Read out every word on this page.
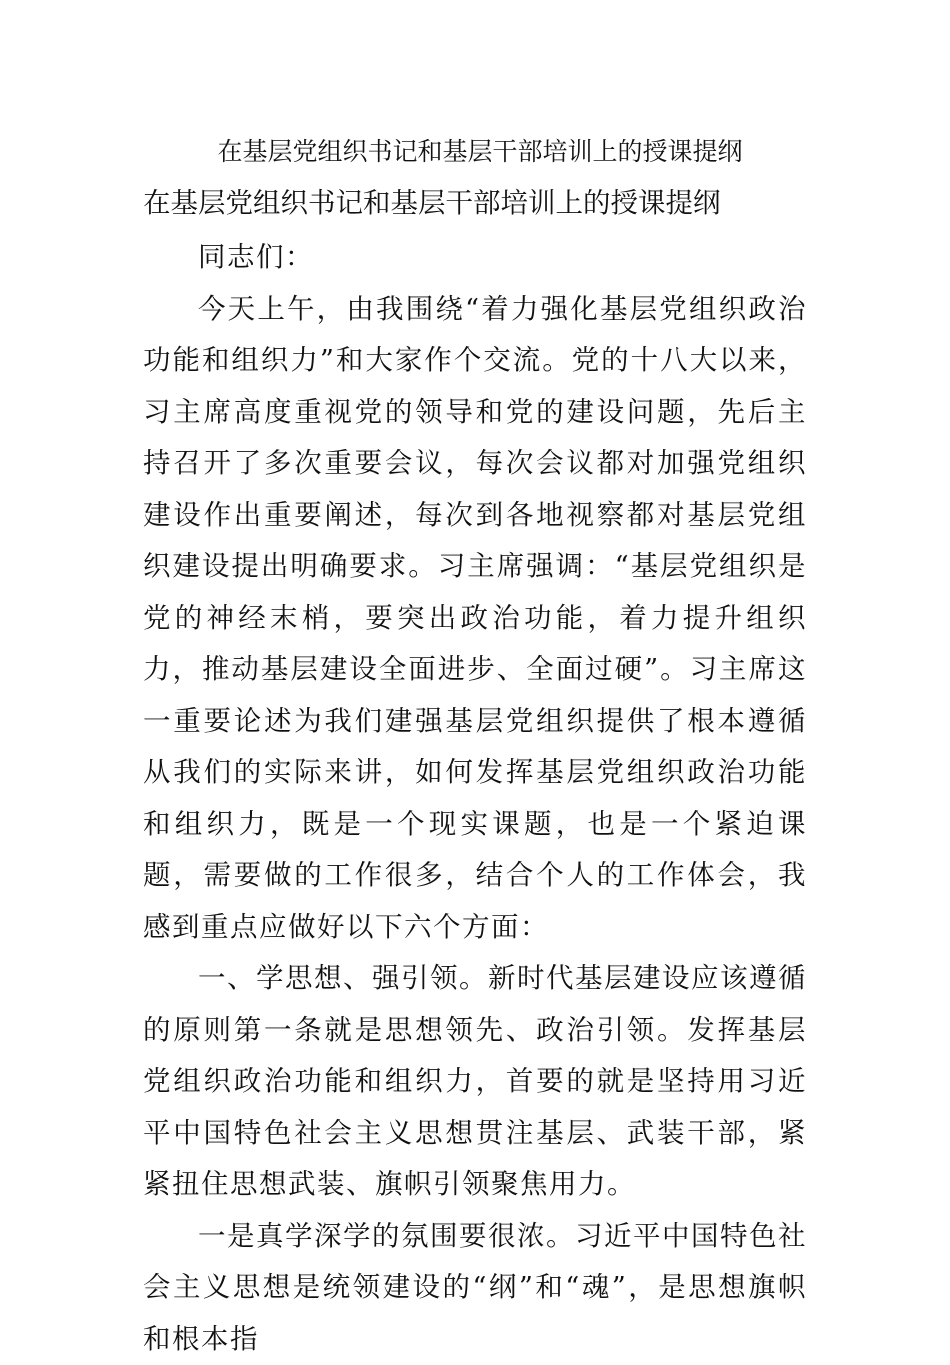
在基层党组织书记和基层干部培训上的授课提纲
在基层党组织书记和基层干部培训上的授课提纲

同志们：

今天上午，由我围绕“着力强化基层党组织政治功能和组织力”和大家作个交流。党的十八大以来，习主席高度重视党的领导和党的建设问题，先后主持召开了多次重要会议，每次会议都对加强党组织建设作出重要阐述，每次到各地视察都对基层党组织建设提出明确要求。习主席强调：“基层党组织是党的神经末梢，要突出政治功能，着力提升组织力，推动基层建设全面进步、全面过硬”。习主席这一重要论述为我们建强基层党组织提供了根本遵循从我们的实际来讲，如何发挥基层党组织政治功能和组织力，既是一个现实课题，也是一个紧迫课题，需要做的工作很多，结合个人的工作体会，我感到重点应做好以下六个方面：

一、学思想、强引领。新时代基层建设应该遵循的原则第一条就是思想领先、政治引领。发挥基层党组织政治功能和组织力，首要的就是坚持用习近平中国特色社会主义思想贯注基层、武装干部，紧紧扭住思想武装、旗帜引领聚焦用力。

一是真学深学的氛围要很浓。习近平中国特色社会主义思想是统领建设的“纲”和“魂”，是思想旗帜和根本指
